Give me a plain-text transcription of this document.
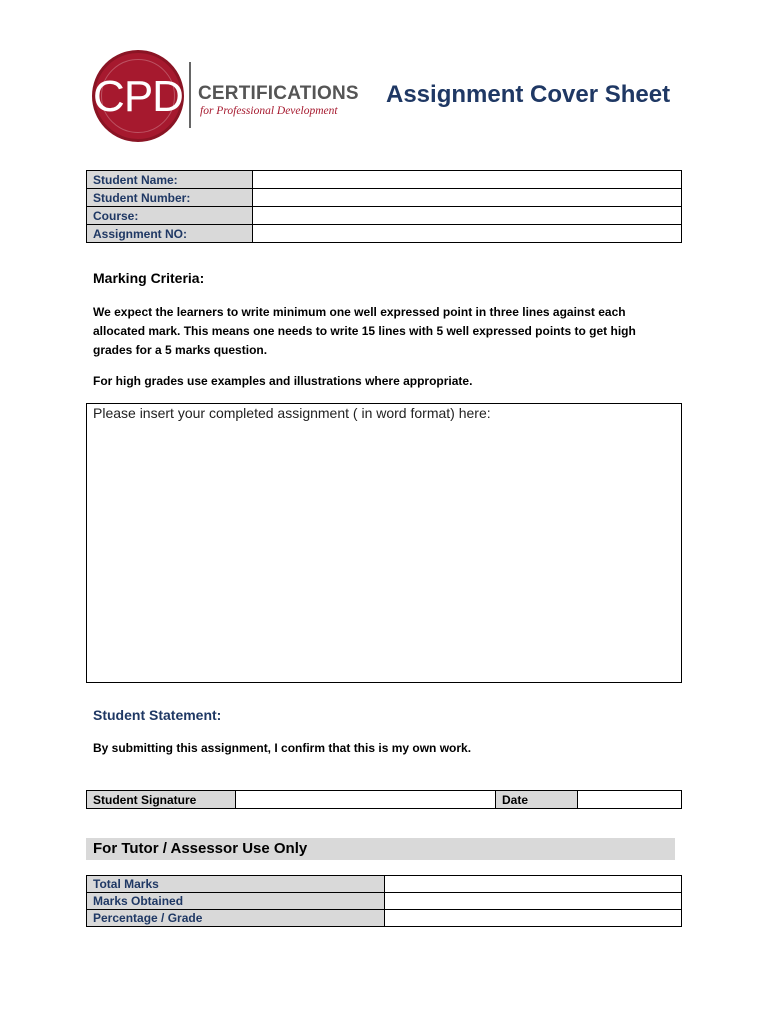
CPD CERTIFICATIONS
for Professional Development
Assignment Cover Sheet
Student Name:	
Student Number:	
Course:	
Assignment NO:	
Marking Criteria:

We expect the learners to write minimum one well expressed point in three lines against each allocated mark. This means one needs to write 15 lines with 5 well expressed points to get high grades for a 5 marks question.

For high grades use examples and illustrations where appropriate.

Please insert your completed assignment ( in word format) here:
Student Statement:
By submitting this assignment, I confirm that this is my own work.
Student Signature		Date	
For Tutor / Assessor Use Only
Total Marks	
Marks Obtained	
Percentage / Grade	
